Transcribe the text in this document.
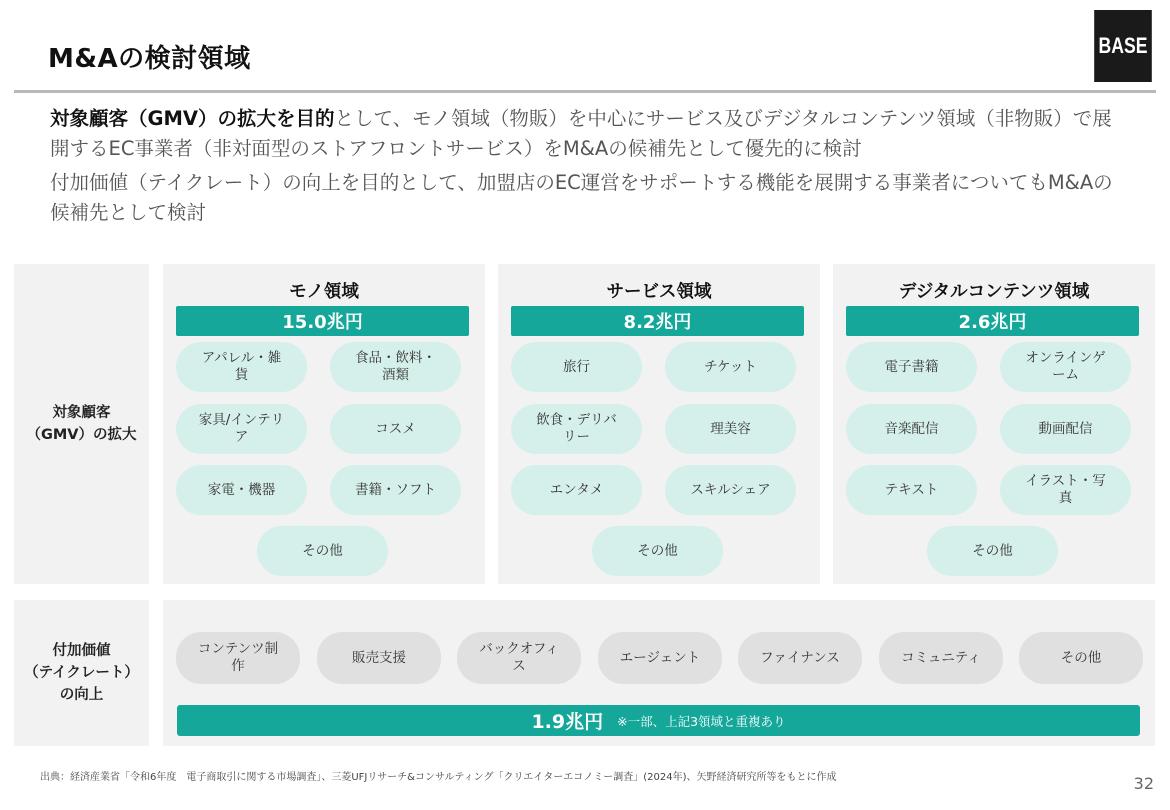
M&Aの検討領域	BASE

対象顧客（GMV）の拡大を目的として、モノ領域（物販）を中心にサービス及びデジタルコンテンツ領域（非物販）で展開するEC事業者（非対面型のストアフロントサービス）をM&Aの候補先として優先的に検討

付加価値（テイクレート）の向上を目的として、加盟店のEC運営をサポートする機能を展開する事業者についてもM&Aの候補先として検討

対象顧客
（GMV）の拡大
モノ領域
15.0兆円
アパレル・雑貨
食品・飲料・酒類
家具/インテリア
コスメ
家電・機器	書籍・ソフト
その他
サービス領域
8.2兆円
旅行	チケット
飲食・デリバリー
理美容
エンタメ	スキルシェア
その他
デジタルコンテンツ領域
2.6兆円
電子書籍
オンラインゲーム
音楽配信	動画配信
テキスト
イラスト・写真
その他
付加価値
（テイクレート）
の向上
コンテンツ制作
販売支援
バックオフィス
エージェント	ファイナンス	コミュニティ	その他
1.9兆円 ※一部、上記3領域と重複あり
出典：経済産業省「令和6年度　電子商取引に関する市場調査」、三菱UFJリサーチ&コンサルティング「クリエイターエコノミー調査」(2024年)、矢野経済研究所等をもとに作成	32
